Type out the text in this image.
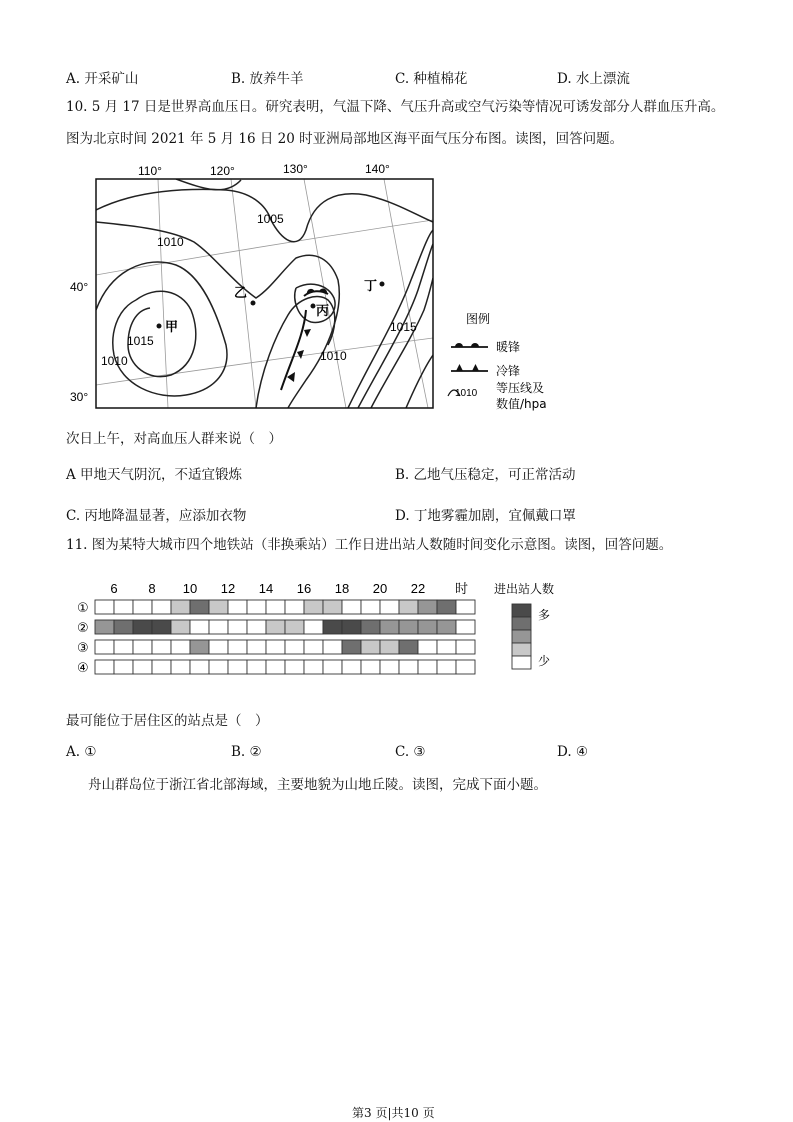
A. 开采矿山	B. 放养牛羊	C. 种植棉花	D. 水上漂流
10. 5 月 17 日是世界高血压日。研究表明，气温下降、气压升高或空气污染等情况可诱发部分人群血压升高。
图为北京时间 2021 年 5 月 16 日 20 时亚洲局部地区海平面气压分布图。读图，回答问题。
110°	120°	130°	140°
40°
30°
1005
1010
1015
1010
1015
1010
甲
乙
丙
丁
图例
暖锋
冷锋
1010 等压线及
数值/hpa
次日上午，对高血压人群来说（　）
A 甲地天气阴沉，不适宜锻炼	B. 乙地气压稳定，可正常活动
C. 丙地降温显著，应添加衣物	D. 丁地雾霾加剧，宜佩戴口罩
11. 图为某特大城市四个地铁站（非换乘站）工作日进出站人数随时间变化示意图。读图，回答问题。
6 8 10 12 14 16 18 20 22
①
②
③
④
时 进出站人数
多
少
最可能位于居住区的站点是（　）
A. ①	B. ②	C. ③	D. ④
舟山群岛位于浙江省北部海域，主要地貌为山地丘陵。读图，完成下面小题。
第3 页|共10 页
